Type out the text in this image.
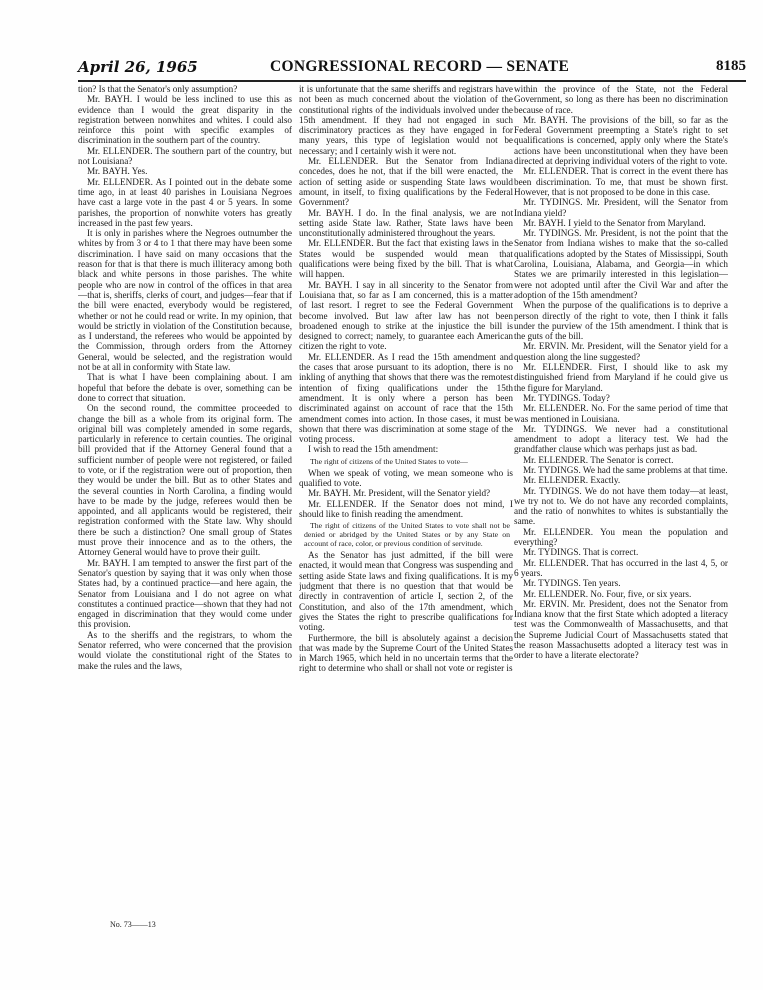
April 26, 1965	CONGRESSIONAL RECORD — SENATE	8185

tion? Is that the Senator's only assumption?

Mr. BAYH. I would be less inclined to use this as evidence than I would the great disparity in the registration between nonwhites and whites. I could also reinforce this point with specific examples of discrimination in the southern part of the country.

Mr. ELLENDER. The southern part of the country, but not Louisiana?

Mr. BAYH. Yes.

Mr. ELLENDER. As I pointed out in the debate some time ago, in at least 40 parishes in Louisiana Negroes have cast a large vote in the past 4 or 5 years. In some parishes, the proportion of nonwhite voters has greatly increased in the past few years.

It is only in parishes where the Negroes outnumber the whites by from 3 or 4 to 1 that there may have been some discrimination. I have said on many occasions that the reason for that is that there is much illiteracy among both black and white persons in those parishes. The white people who are now in control of the offices in that area—that is, sheriffs, clerks of court, and judges—fear that if the bill were enacted, everybody would be registered, whether or not he could read or write. In my opinion, that would be strictly in violation of the Constitution because, as I understand, the referees who would be appointed by the Commission, through orders from the Attorney General, would be selected, and the registration would not be at all in conformity with State law.

That is what I have been complaining about. I am hopeful that before the debate is over, something can be done to correct that situation.

On the second round, the committee proceeded to change the bill as a whole from its original form. The original bill was completely amended in some regards, particularly in reference to certain counties. The original bill provided that if the Attorney General found that a sufficient number of people were not registered, or failed to vote, or if the registration were out of proportion, then they would be under the bill. But as to other States and the several counties in North Carolina, a finding would have to be made by the judge, referees would then be appointed, and all applicants would be registered, their registration conformed with the State law. Why should there be such a distinction? One small group of States must prove their innocence and as to the others, the Attorney General would have to prove their guilt.

Mr. BAYH. I am tempted to answer the first part of the Senator's question by saying that it was only when those States had, by a continued practice—and here again, the Senator from Louisiana and I do not agree on what constitutes a continued practice—shown that they had not engaged in discrimination that they would come under this provision.

As to the sheriffs and the registrars, to whom the Senator referred, who were concerned that the provision would violate the constitutional right of the States to make the rules and the laws,

it is unfortunate that the same sheriffs and registrars have not been as much concerned about the violation of the constitutional rights of the individuals involved under the 15th amendment. If they had not engaged in such discriminatory practices as they have engaged in for many years, this type of legislation would not be necessary; and I certainly wish it were not.

Mr. ELLENDER. But the Senator from Indiana concedes, does he not, that if the bill were enacted, the action of setting aside or suspending State laws would amount, in itself, to fixing qualifications by the Federal Government?

Mr. BAYH. I do. In the final analysis, we are not setting aside State law. Rather, State laws have been unconstitutionally administered throughout the years.

Mr. ELLENDER. But the fact that existing laws in the States would be suspended would mean that qualifications were being fixed by the bill. That is what will happen.

Mr. BAYH. I say in all sincerity to the Senator from Louisiana that, so far as I am concerned, this is a matter of last resort. I regret to see the Federal Government become involved. But law after law has not been broadened enough to strike at the injustice the bill is designed to correct; namely, to guarantee each American citizen the right to vote.

Mr. ELLENDER. As I read the 15th amendment and the cases that arose pursuant to its adoption, there is no inkling of anything that shows that there was the remotest intention of fixing qualifications under the 15th amendment. It is only where a person has been discriminated against on account of race that the 15th amendment comes into action. In those cases, it must be shown that there was discrimination at some stage of the voting process.

I wish to read the 15th amendment:

The right of citizens of the United States to vote—

When we speak of voting, we mean someone who is qualified to vote.

Mr. BAYH. Mr. President, will the Senator yield?

Mr. ELLENDER. If the Senator does not mind, I should like to finish reading the amendment.

The right of citizens of the United States to vote shall not be denied or abridged by the United States or by any State on account of race, color, or previous condition of servitude.

As the Senator has just admitted, if the bill were enacted, it would mean that Congress was suspending and setting aside State laws and fixing qualifications. It is my judgment that there is no question that that would be directly in contravention of article I, section 2, of the Constitution, and also of the 17th amendment, which gives the States the right to prescribe qualifications for voting.

Furthermore, the bill is absolutely against a decision that was made by the Supreme Court of the United States in March 1965, which held in no uncertain terms that the right to determine who shall or shall not vote or register is

within the province of the State, not the Federal Government, so long as there has been no discrimination because of race.

Mr. BAYH. The provisions of the bill, so far as the Federal Government preempting a State's right to set qualifications is concerned, apply only where the State's actions have been unconstitutional when they have been directed at depriving individual voters of the right to vote.

Mr. ELLENDER. That is correct in the event there has been discrimination. To me, that must be shown first. However, that is not proposed to be done in this case.

Mr. TYDINGS. Mr. President, will the Senator from Indiana yield?

Mr. BAYH. I yield to the Senator from Maryland.

Mr. TYDINGS. Mr. President, is not the point that the Senator from Indiana wishes to make that the so-called qualifications adopted by the States of Mississippi, South Carolina, Louisiana, Alabama, and Georgia—in which States we are primarily interested in this legislation—were not adopted until after the Civil War and after the adoption of the 15th amendment?

When the purpose of the qualifications is to deprive a person directly of the right to vote, then I think it falls under the purview of the 15th amendment. I think that is the guts of the bill.

Mr. ERVIN. Mr. President, will the Senator yield for a question along the line suggested?

Mr. ELLENDER. First, I should like to ask my distinguished friend from Maryland if he could give us the figure for Maryland.

Mr. TYDINGS. Today?

Mr. ELLENDER. No. For the same period of time that was mentioned in Louisiana.

Mr. TYDINGS. We never had a constitutional amendment to adopt a literacy test. We had the grandfather clause which was perhaps just as bad.

Mr. ELLENDER. The Senator is correct.

Mr. TYDINGS. We had the same problems at that time.

Mr. ELLENDER. Exactly.

Mr. TYDINGS. We do not have them today—at least, we try not to. We do not have any recorded complaints, and the ratio of nonwhites to whites is substantially the same.

Mr. ELLENDER. You mean the population and everything?

Mr. TYDINGS. That is correct.

Mr. ELLENDER. That has occurred in the last 4, 5, or 6 years.

Mr. TYDINGS. Ten years.

Mr. ELLENDER. No. Four, five, or six years.

Mr. ERVIN. Mr. President, does not the Senator from Indiana know that the first State which adopted a literacy test was the Commonwealth of Massachusetts, and that the Supreme Judicial Court of Massachusetts stated that the reason Massachusetts adopted a literacy test was in order to have a literate electorate?

No. 73——13
